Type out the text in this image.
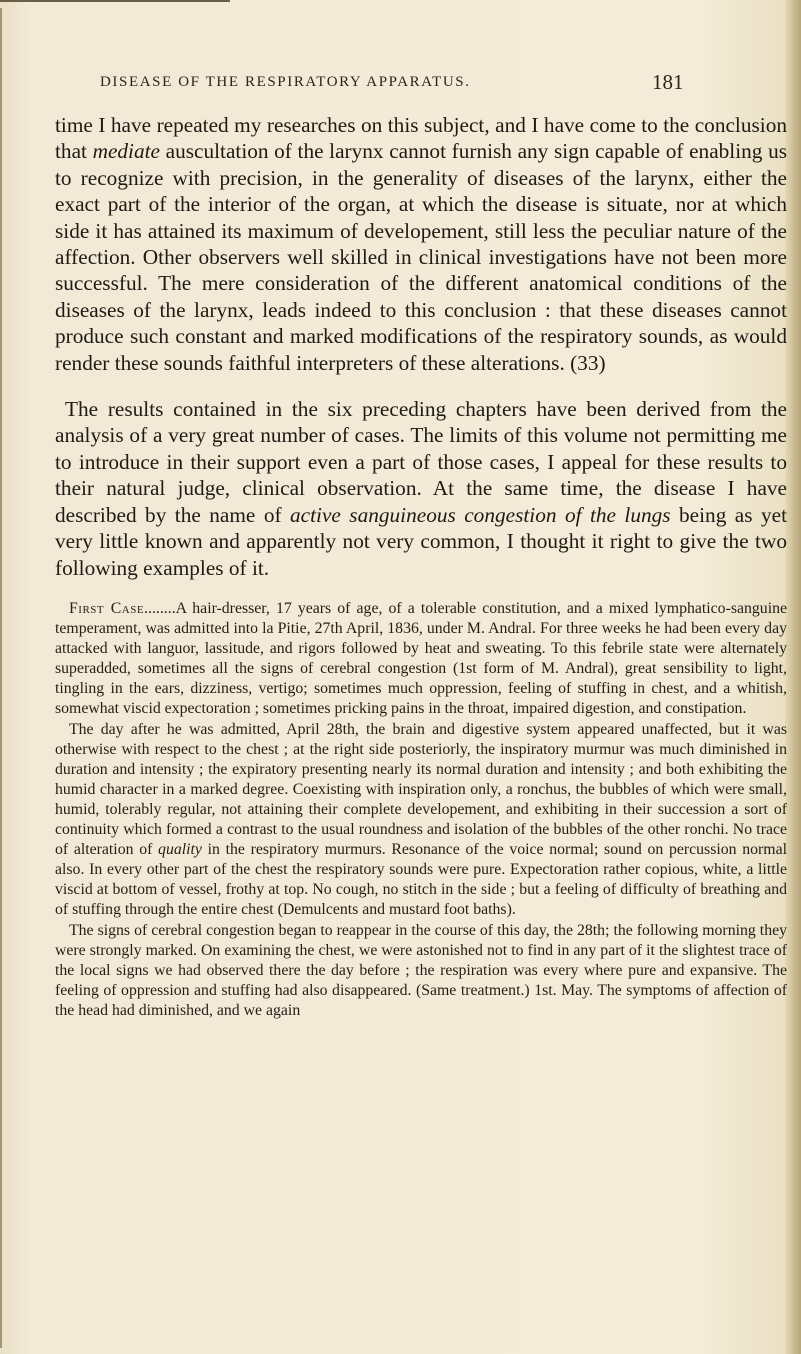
DISEASE OF THE RESPIRATORY APPARATUS.	181

time I have repeated my researches on this subject, and I have come to the conclusion that mediate auscultation of the larynx cannot furnish any sign capable of enabling us to recognize with precision, in the generality of diseases of the larynx, either the exact part of the interior of the organ, at which the disease is situate, nor at which side it has attained its maximum of developement, still less the peculiar nature of the affection. Other observers well skilled in clinical investigations have not been more successful. The mere consideration of the different anatomical conditions of the diseases of the larynx, leads indeed to this conclusion : that these diseases cannot produce such constant and marked modifications of the respiratory sounds, as would render these sounds faithful interpreters of these alterations. (33)

The results contained in the six preceding chapters have been derived from the analysis of a very great number of cases. The limits of this volume not permitting me to introduce in their support even a part of those cases, I appeal for these results to their natural judge, clinical observation. At the same time, the disease I have described by the name of active sanguineous congestion of the lungs being as yet very little known and apparently not very common, I thought it right to give the two following examples of it.

First Case........A hair-dresser, 17 years of age, of a tolerable constitution, and a mixed lymphatico-sanguine temperament, was admitted into la Pitie, 27th April, 1836, under M. Andral. For three weeks he had been every day attacked with languor, lassitude, and rigors followed by heat and sweating. To this febrile state were alternately superadded, sometimes all the signs of cerebral congestion (1st form of M. Andral), great sensibility to light, tingling in the ears, dizziness, vertigo; sometimes much oppression, feeling of stuffing in chest, and a whitish, somewhat viscid expectoration ; sometimes pricking pains in the throat, impaired digestion, and constipation.

The day after he was admitted, April 28th, the brain and digestive system appeared unaffected, but it was otherwise with respect to the chest ; at the right side posteriorly, the inspiratory murmur was much diminished in duration and intensity ; the expiratory presenting nearly its normal duration and intensity ; and both exhibiting the humid character in a marked degree. Coexisting with inspiration only, a ronchus, the bubbles of which were small, humid, tolerably regular, not attaining their complete developement, and exhibiting in their succession a sort of continuity which formed a contrast to the usual roundness and isolation of the bubbles of the other ronchi. No trace of alteration of quality in the respiratory murmurs. Resonance of the voice normal; sound on percussion normal also. In every other part of the chest the respiratory sounds were pure. Expectoration rather copious, white, a little viscid at bottom of vessel, frothy at top. No cough, no stitch in the side ; but a feeling of difficulty of breathing and of stuffing through the entire chest (Demulcents and mustard foot baths).

The signs of cerebral congestion began to reappear in the course of this day, the 28th; the following morning they were strongly marked. On examining the chest, we were astonished not to find in any part of it the slightest trace of the local signs we had observed there the day before ; the respiration was every where pure and expansive. The feeling of oppression and stuffing had also disappeared. (Same treatment.) 1st. May. The symptoms of affection of the head had diminished, and we again
